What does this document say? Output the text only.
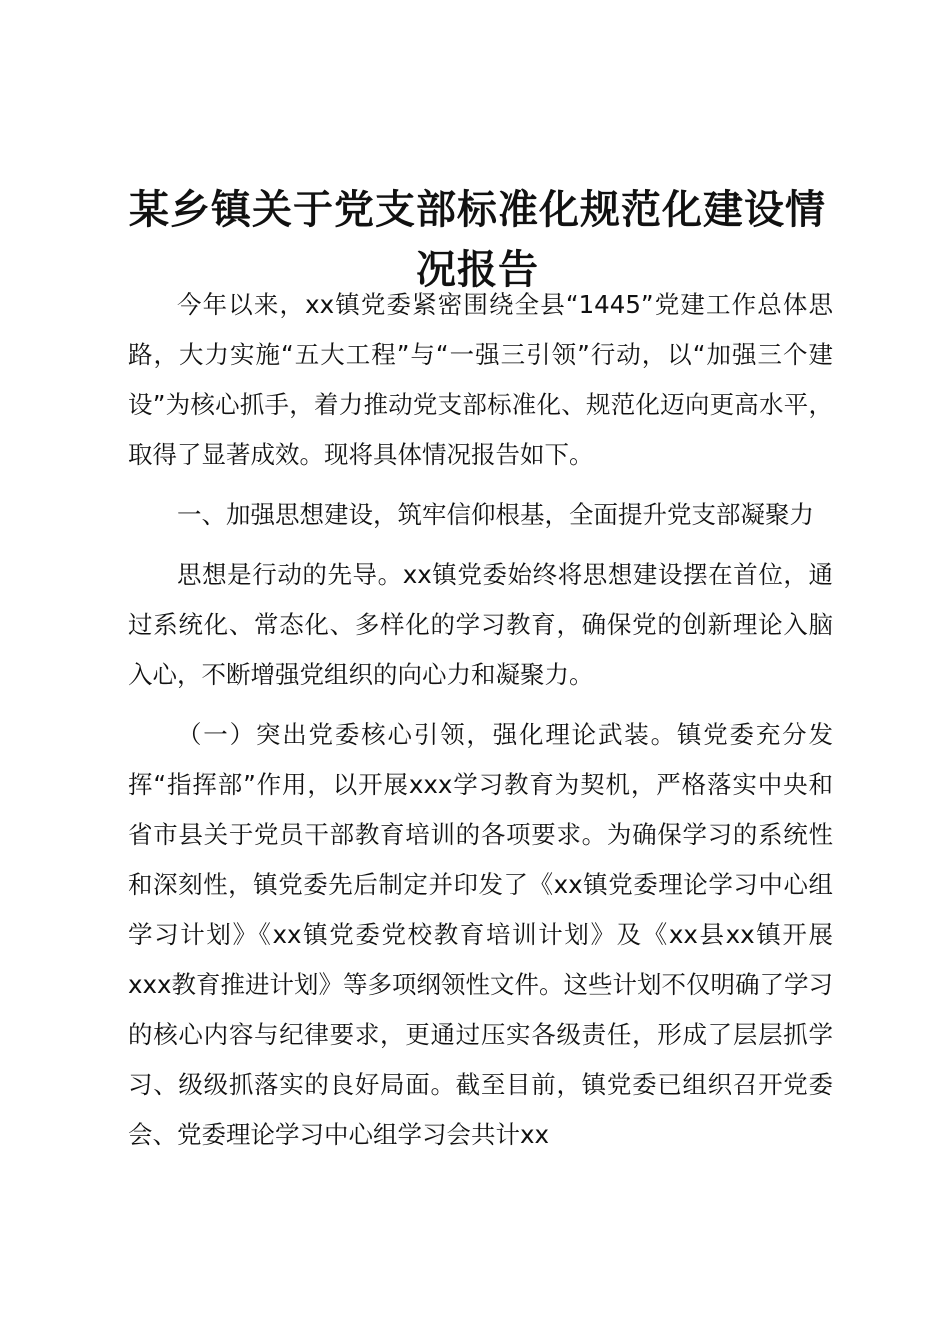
某乡镇关于党支部标准化规范化建设情况报告

今年以来，xx镇党委紧密围绕全县“1445”党建工作总体思路，大力实施“五大工程”与“一强三引领”行动，以“加强三个建设”为核心抓手，着力推动党支部标准化、规范化迈向更高水平，取得了显著成效。现将具体情况报告如下。

一、加强思想建设，筑牢信仰根基，全面提升党支部凝聚力

思想是行动的先导。xx镇党委始终将思想建设摆在首位，通过系统化、常态化、多样化的学习教育，确保党的创新理论入脑入心，不断增强党组织的向心力和凝聚力。

（一）突出党委核心引领，强化理论武装。镇党委充分发挥“指挥部”作用，以开展xxx学习教育为契机，严格落实中央和省市县关于党员干部教育培训的各项要求。为确保学习的系统性和深刻性，镇党委先后制定并印发了《xx镇党委理论学习中心组学习计划》《xx镇党委党校教育培训计划》及《xx县xx镇开展xxx教育推进计划》等多项纲领性文件。这些计划不仅明确了学习的核心内容与纪律要求，更通过压实各级责任，形成了层层抓学习、级级抓落实的良好局面。截至目前，镇党委已组织召开党委会、党委理论学习中心组学习会共计xx
